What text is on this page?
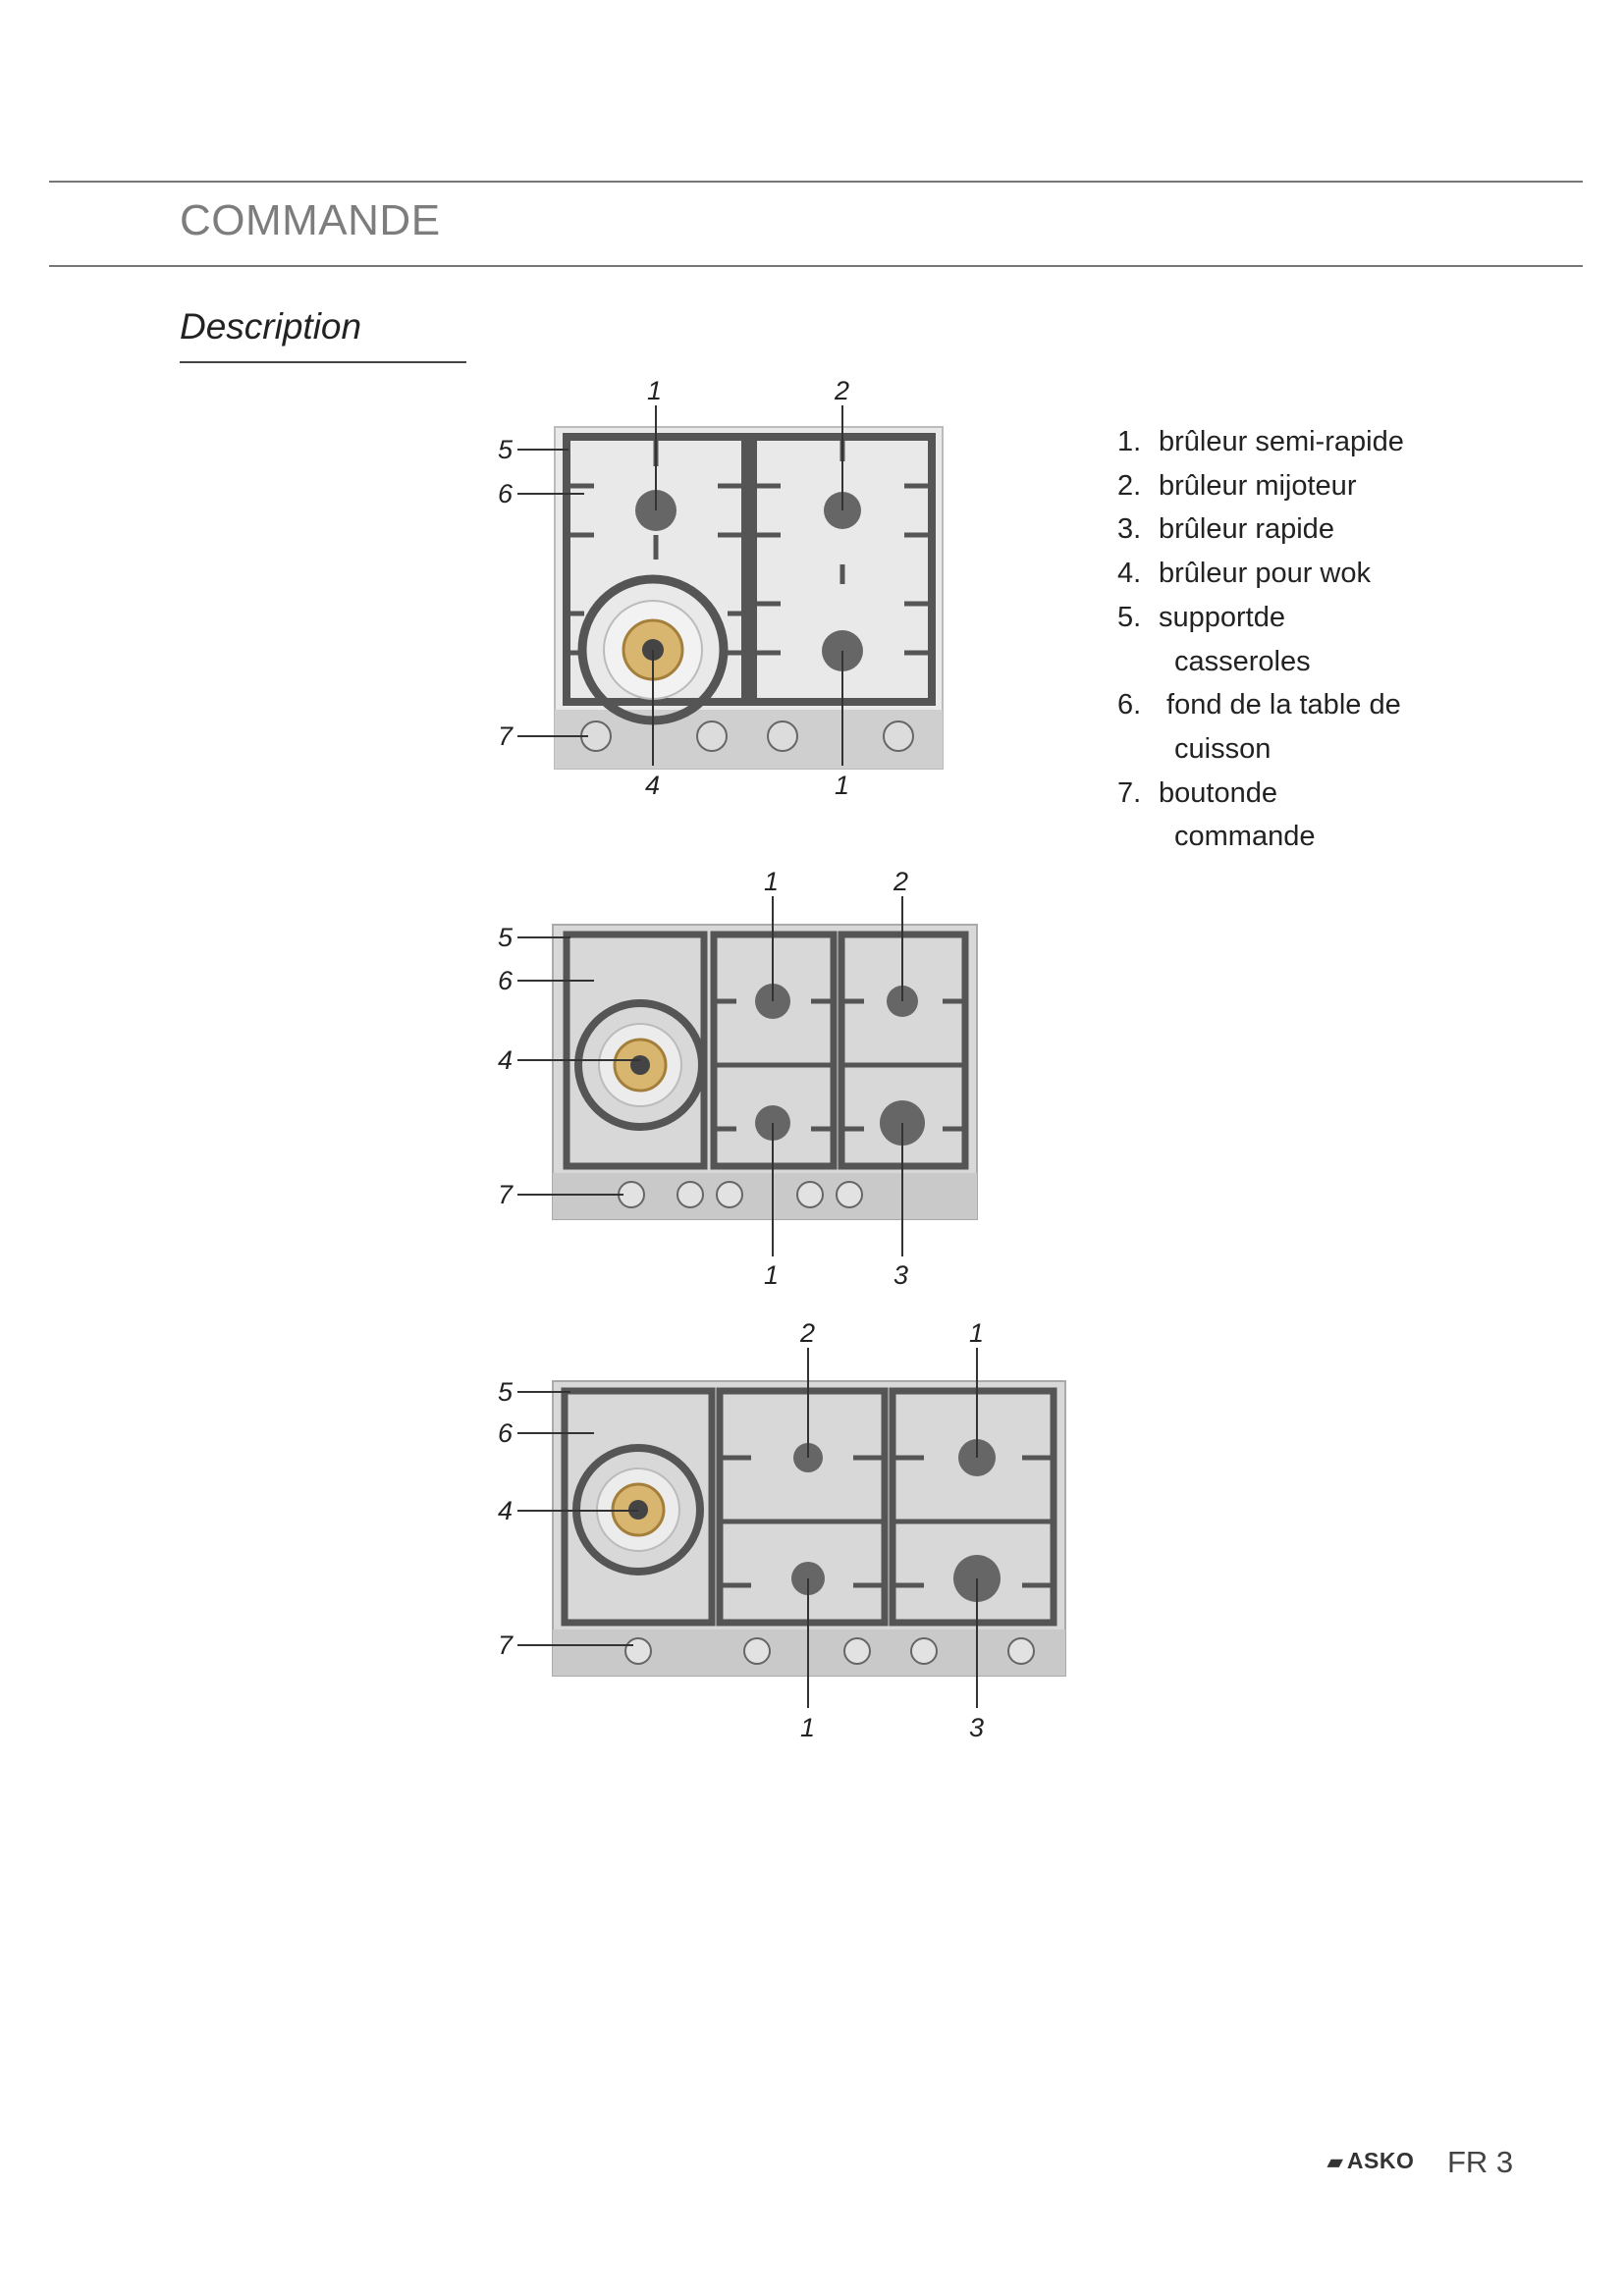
COMMANDE
Description
1	2
5
6
7
4	1
1	2
5
6
4
7
1	3
2	1
5
6
4
7
1	3
1. brûleur semi-rapide
2. brûleur mijoteur
3. brûleur rapide
4. brûleur pour wok
5. supportde
casseroles
6. fond de la table de
cuisson
7. boutonde
commande
▰ ASKO FR 3
